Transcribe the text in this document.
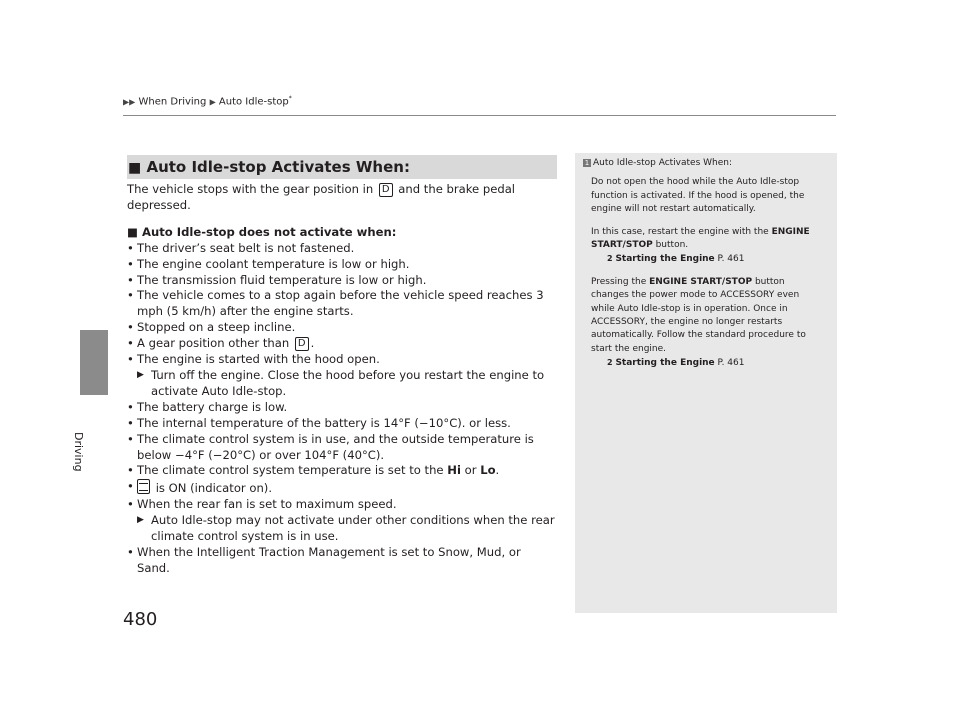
▶▶ When Driving ▶ Auto Idle-stop*
Driving
■ Auto Idle-stop Activates When:

The vehicle stops with the gear position in D and the brake pedal depressed.

■ Auto Idle-stop does not activate when:

• The driver’s seat belt is not fastened.
• The engine coolant temperature is low or high.
• The transmission fluid temperature is low or high.
• The vehicle comes to a stop again before the vehicle speed reaches 3 mph (5 km/h) after the engine starts.
• Stopped on a steep incline.
• A gear position other than D .
• The engine is started with the hood open.
▶ Turn off the engine. Close the hood before you restart the engine to activate Auto Idle-stop.
• The battery charge is low.
• The internal temperature of the battery is 14°F (−10°C). or less.
• The climate control system is in use, and the outside temperature is below −4°F (−20°C) or over 104°F (40°C).
• The climate control system temperature is set to the Hi or Lo.
•	is ON (indicator on).
• When the rear fan is set to maximum speed.
▶ Auto Idle-stop may not activate under other conditions when the rear climate control system is in use.
• When the Intelligent Traction Management is set to Snow, Mud, or Sand.
1 Auto Idle-stop Activates When:

Do not open the hood while the Auto Idle-stop function is activated. If the hood is opened, the engine will not restart automatically.

In this case, restart the engine with the ENGINE START/STOP button.

2 Starting the Engine P. 461

Pressing the ENGINE START/STOP button changes the power mode to ACCESSORY even while Auto Idle-stop is in operation. Once in ACCESSORY, the engine no longer restarts automatically. Follow the standard procedure to start the engine.

2 Starting the Engine P. 461

480
